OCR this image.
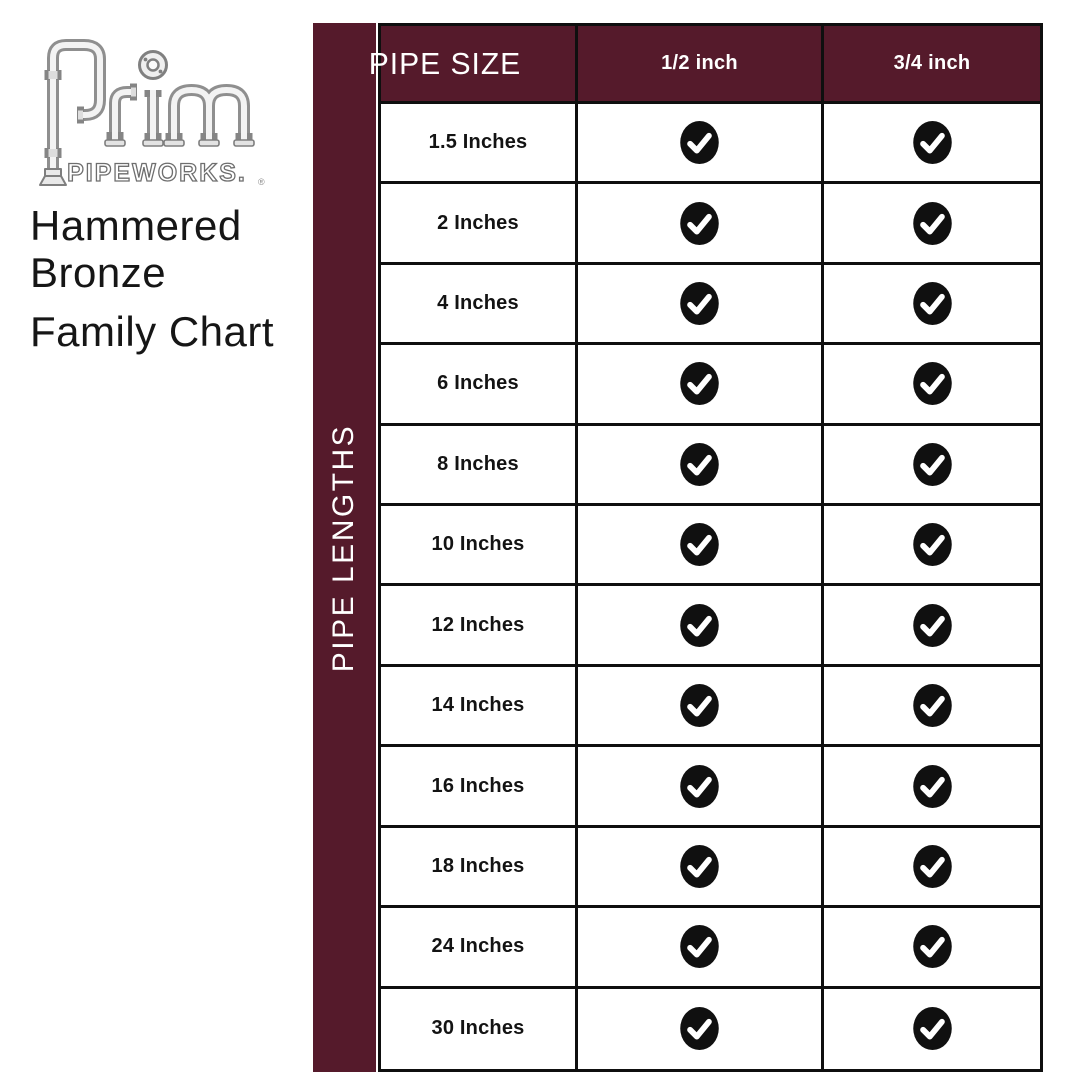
PIPEWORKS. ®
Hammered
Bronze
Family Chart
PIPE LENGTHS
PIPE SIZE	1/2 inch	3/4 inch
1.5 Inches
2 Inches
4 Inches
6 Inches
8 Inches
10 Inches
12 Inches
14 Inches
16 Inches
18 Inches
24 Inches
30 Inches
